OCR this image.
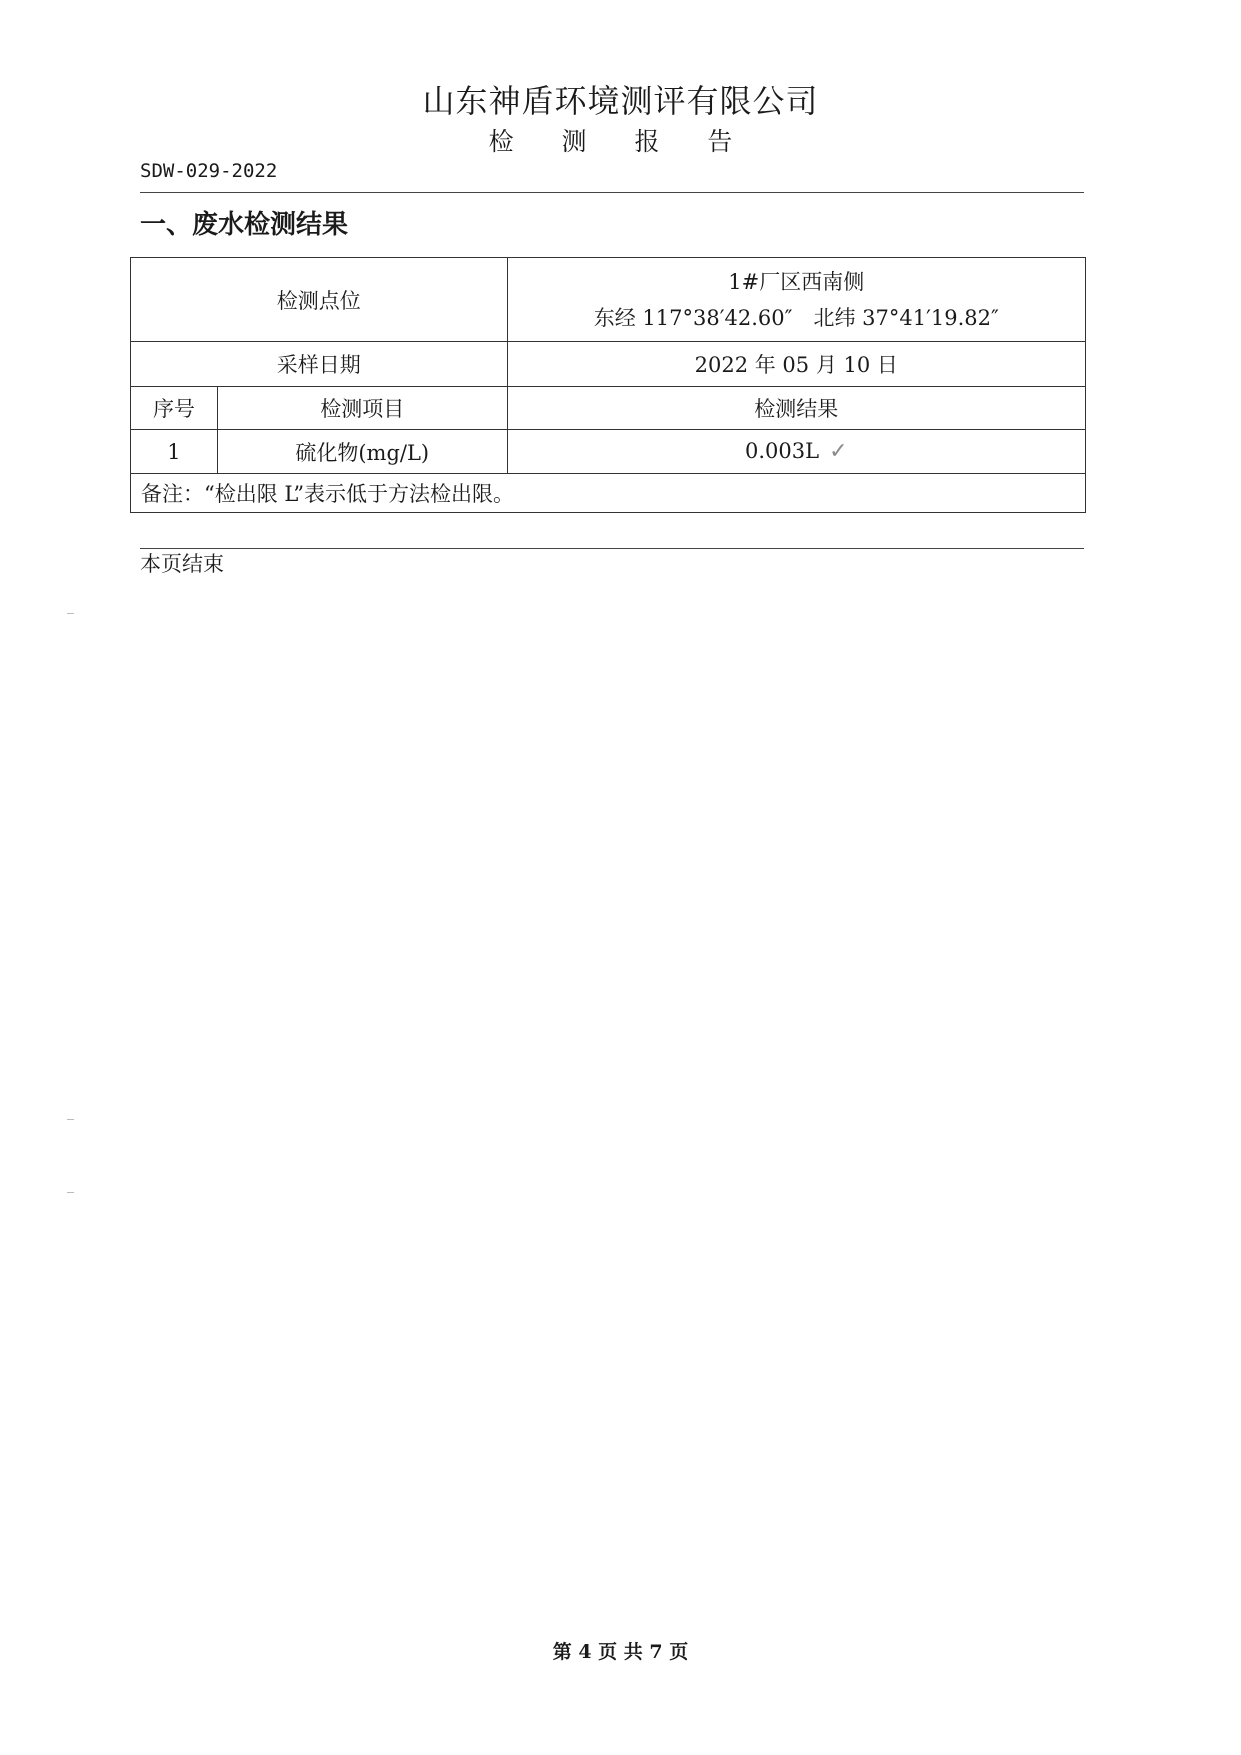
山东神盾环境测评有限公司
检 测 报 告
SDW-029-2022
一、废水检测结果
检测点位		1#厂区西南侧
东经 117°38′42.60″　北纬 37°41′19.82″

采样日期		2022 年 05 月 10 日
序号	检测项目	检测结果
1	硫化物(mg/L)	0.003L ✓
备注：“检出限 L”表示低于方法检出限。		
本页结束
第 4 页 共 7 页
